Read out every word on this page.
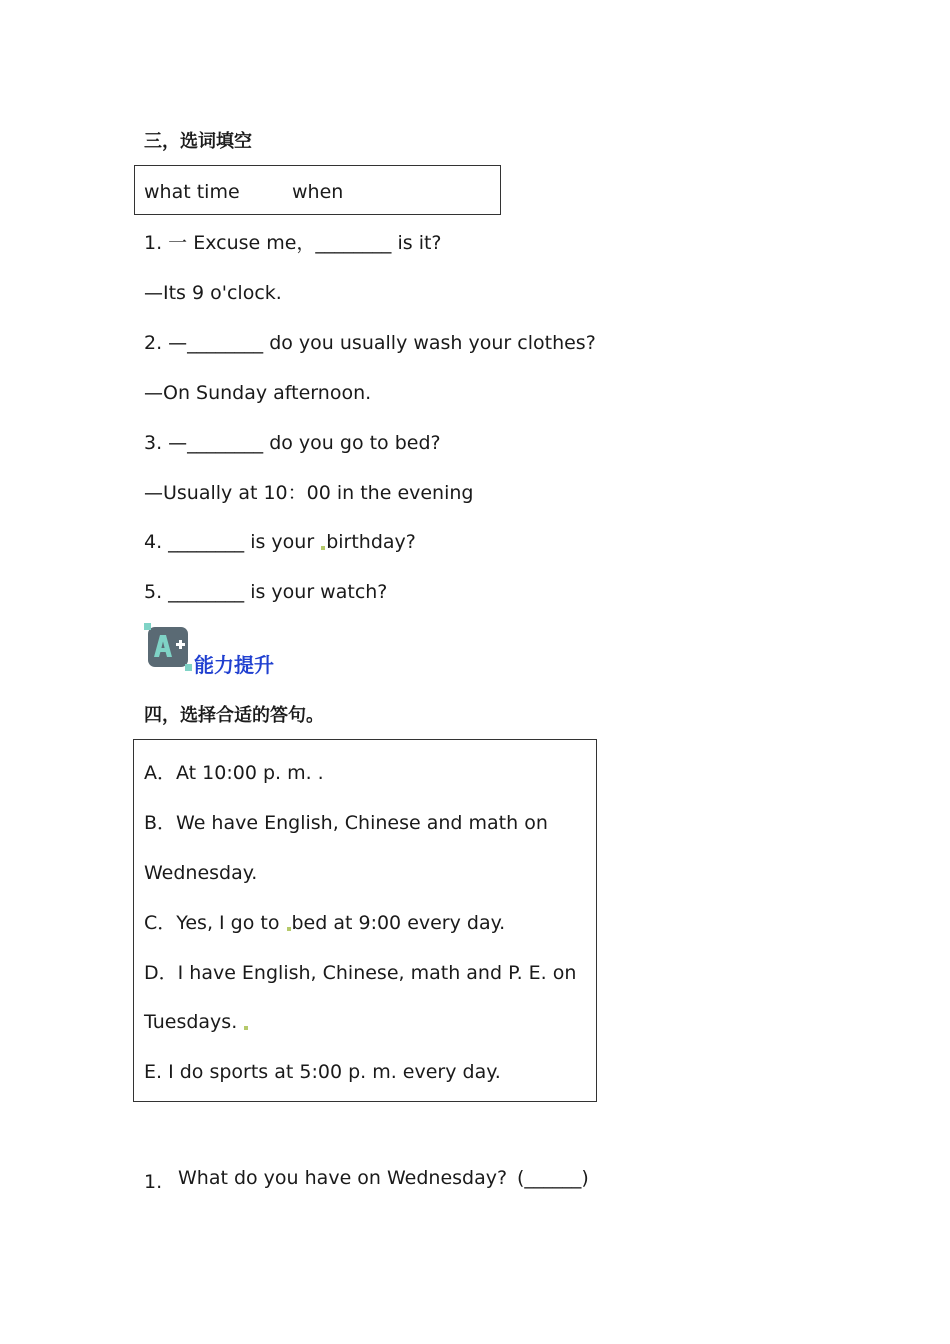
三，选词填空
what time	when
1. 一 Excuse me，________ is it?
—Its 9 o'clock.
2. —________ do you usually wash your clothes?
—On Sunday afternoon.
3. —________ do you go to bed?
—Usually at 10：00 in the evening
4. ________ is your birthday?
5. ________ is your watch?
能力提升
四，选择合适的答句。
A．At 10:00 p. m. .
B．We have English, Chinese and math on
Wednesday.
C．Yes, I go to bed at 9:00 every day.
D．I have English, Chinese, math and P. E. on
Tuesdays.
E. I do sports at 5:00 p. m. every day.
1. What do you have on Wednesday? (______)
